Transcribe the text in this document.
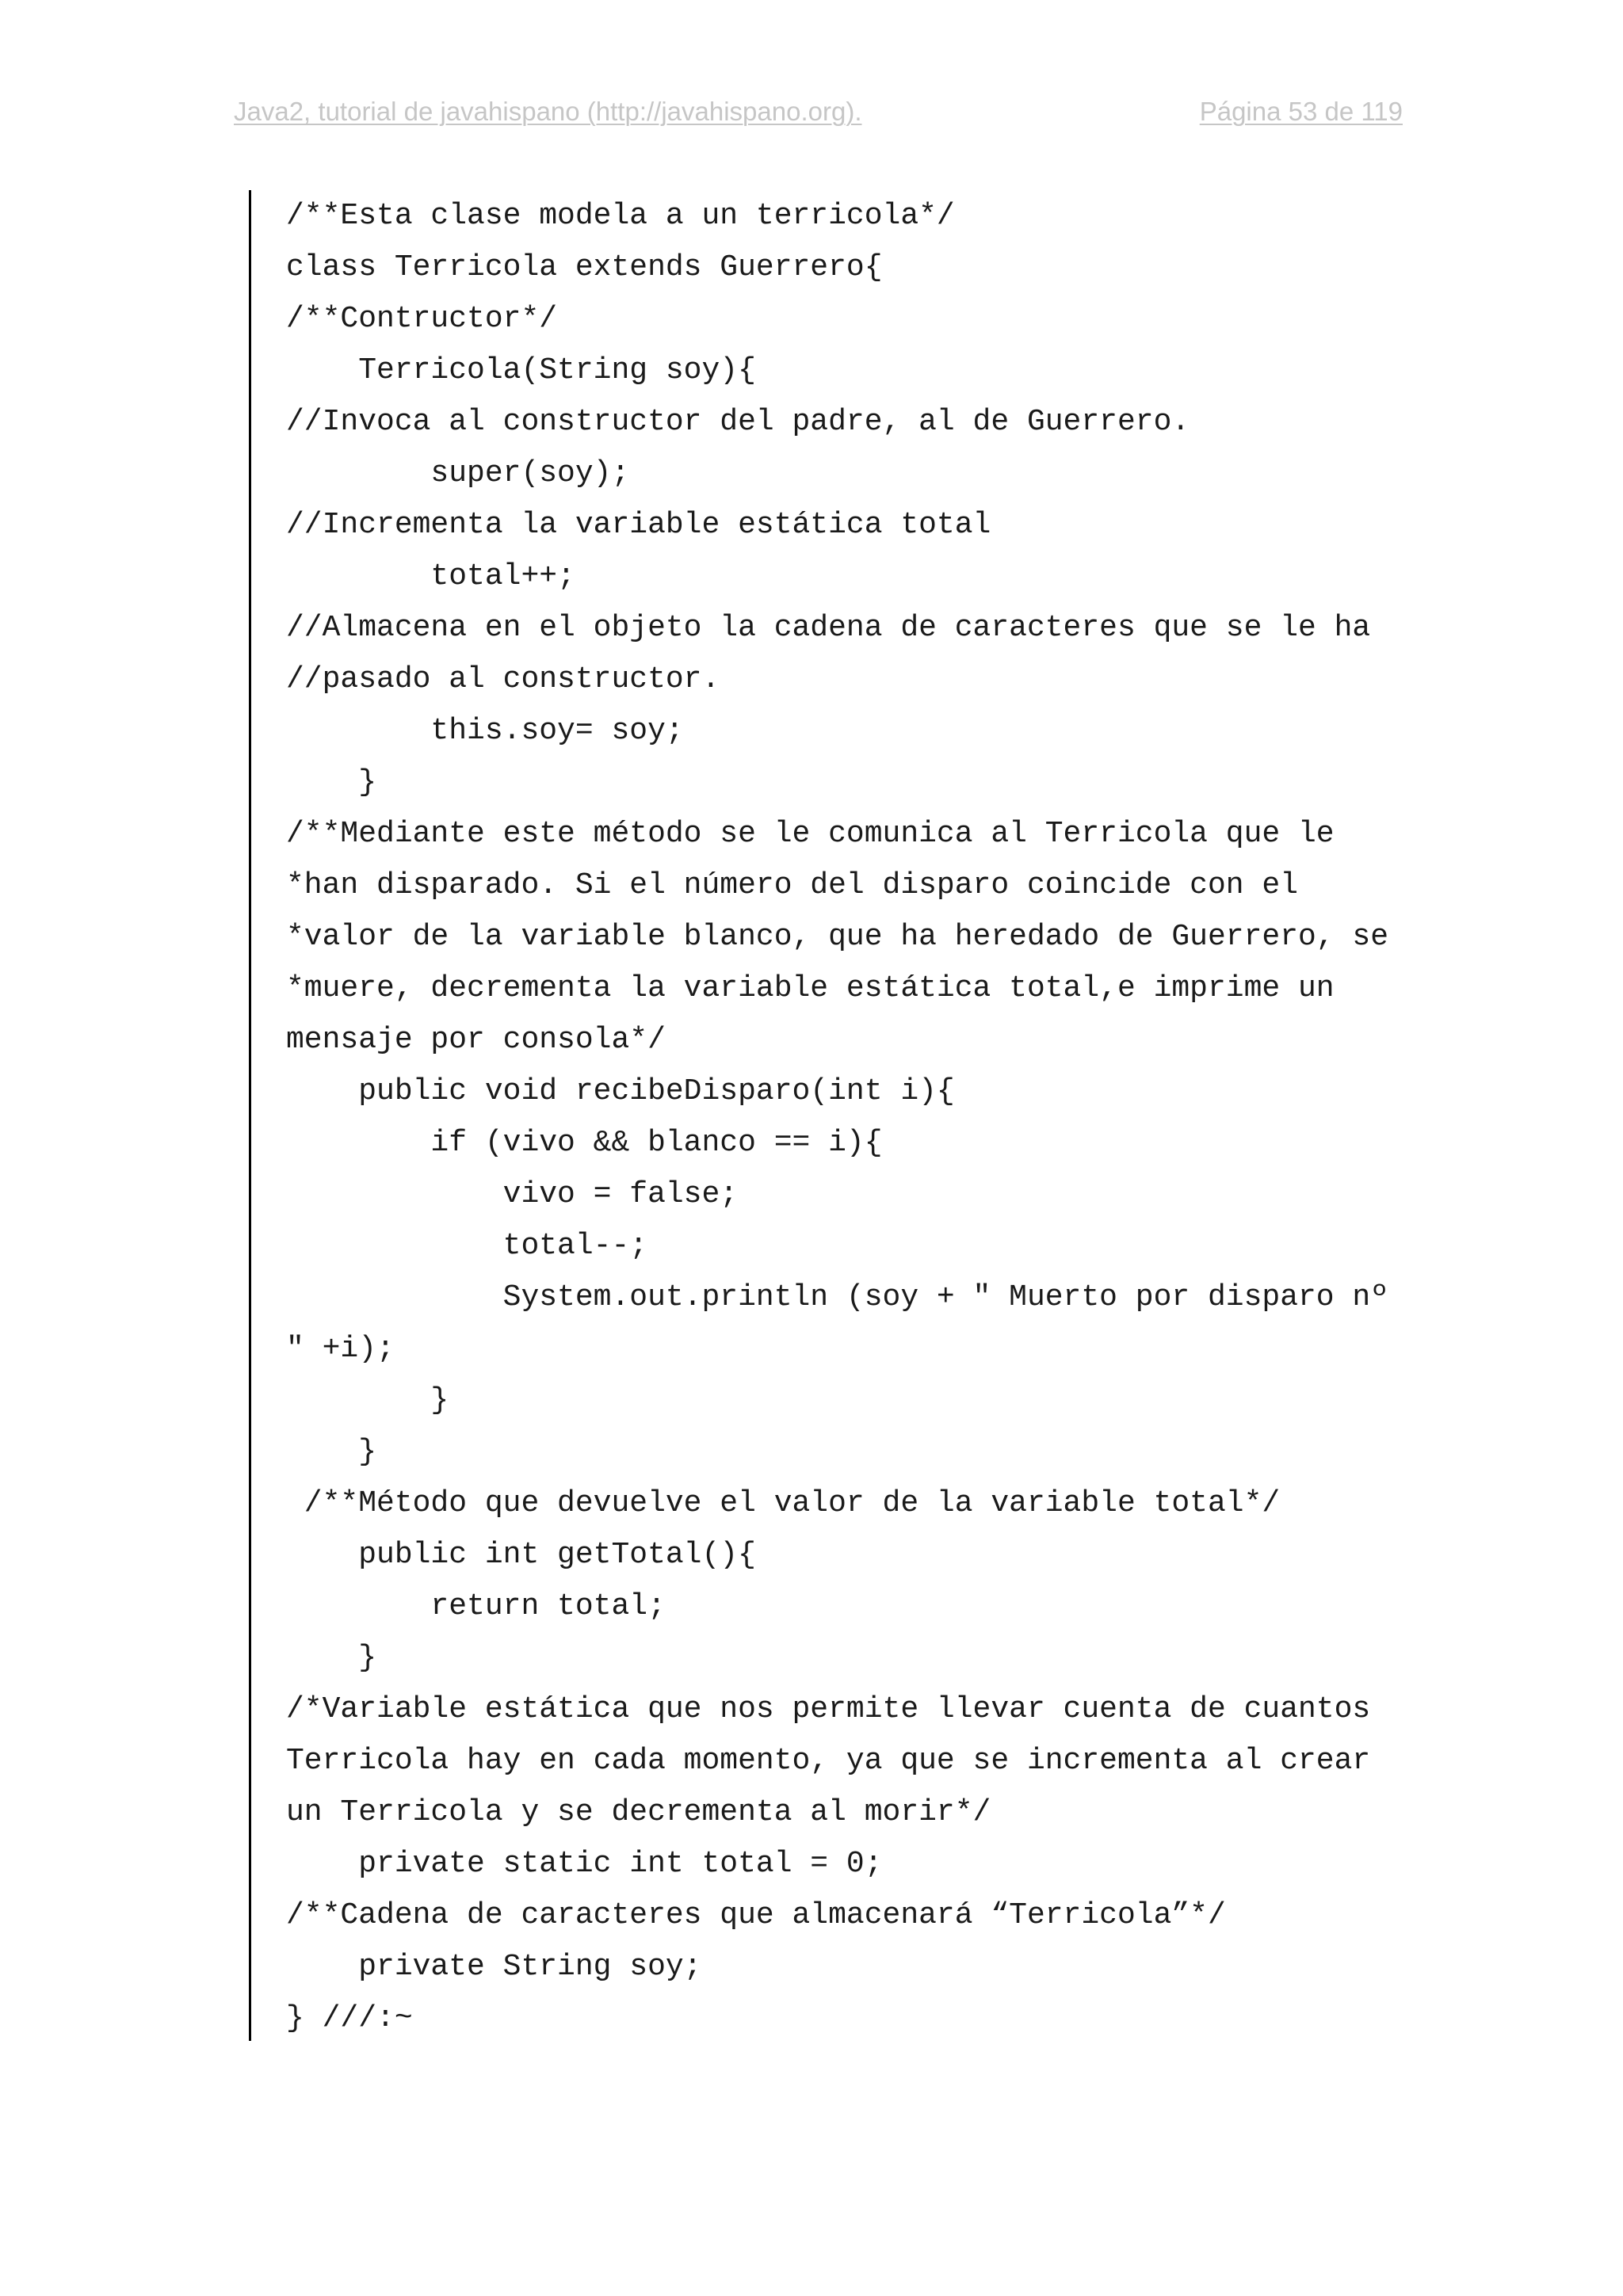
Java2, tutorial de javahispano (http://javahispano.org).	Página 53 de 119
/**Esta clase modela a un terricola*/
class Terricola extends Guerrero{
/**Contructor*/
Terricola(String soy){
//Invoca al constructor del padre, al de Guerrero.
super(soy);
//Incrementa la variable estática total
total++;
//Almacena en el objeto la cadena de caracteres que se le ha
//pasado al constructor.
this.soy= soy;
}
/**Mediante este método se le comunica al Terricola que le
*han disparado. Si el número del disparo coincide con el
*valor de la variable blanco, que ha heredado de Guerrero, se
*muere, decrementa la variable estática total,e imprime un
mensaje por consola*/
public void recibeDisparo(int i){
if (vivo && blanco == i){
vivo = false;
total--;
System.out.println (soy + " Muerto por disparo nº
" +i);
}
}
/**Método que devuelve el valor de la variable total*/
public int getTotal(){
return total;
}
/*Variable estática que nos permite llevar cuenta de cuantos
Terricola hay en cada momento, ya que se incrementa al crear
un Terricola y se decrementa al morir*/
private static int total = 0;
/**Cadena de caracteres que almacenará “Terricola”*/
private String soy;
} ///:~
